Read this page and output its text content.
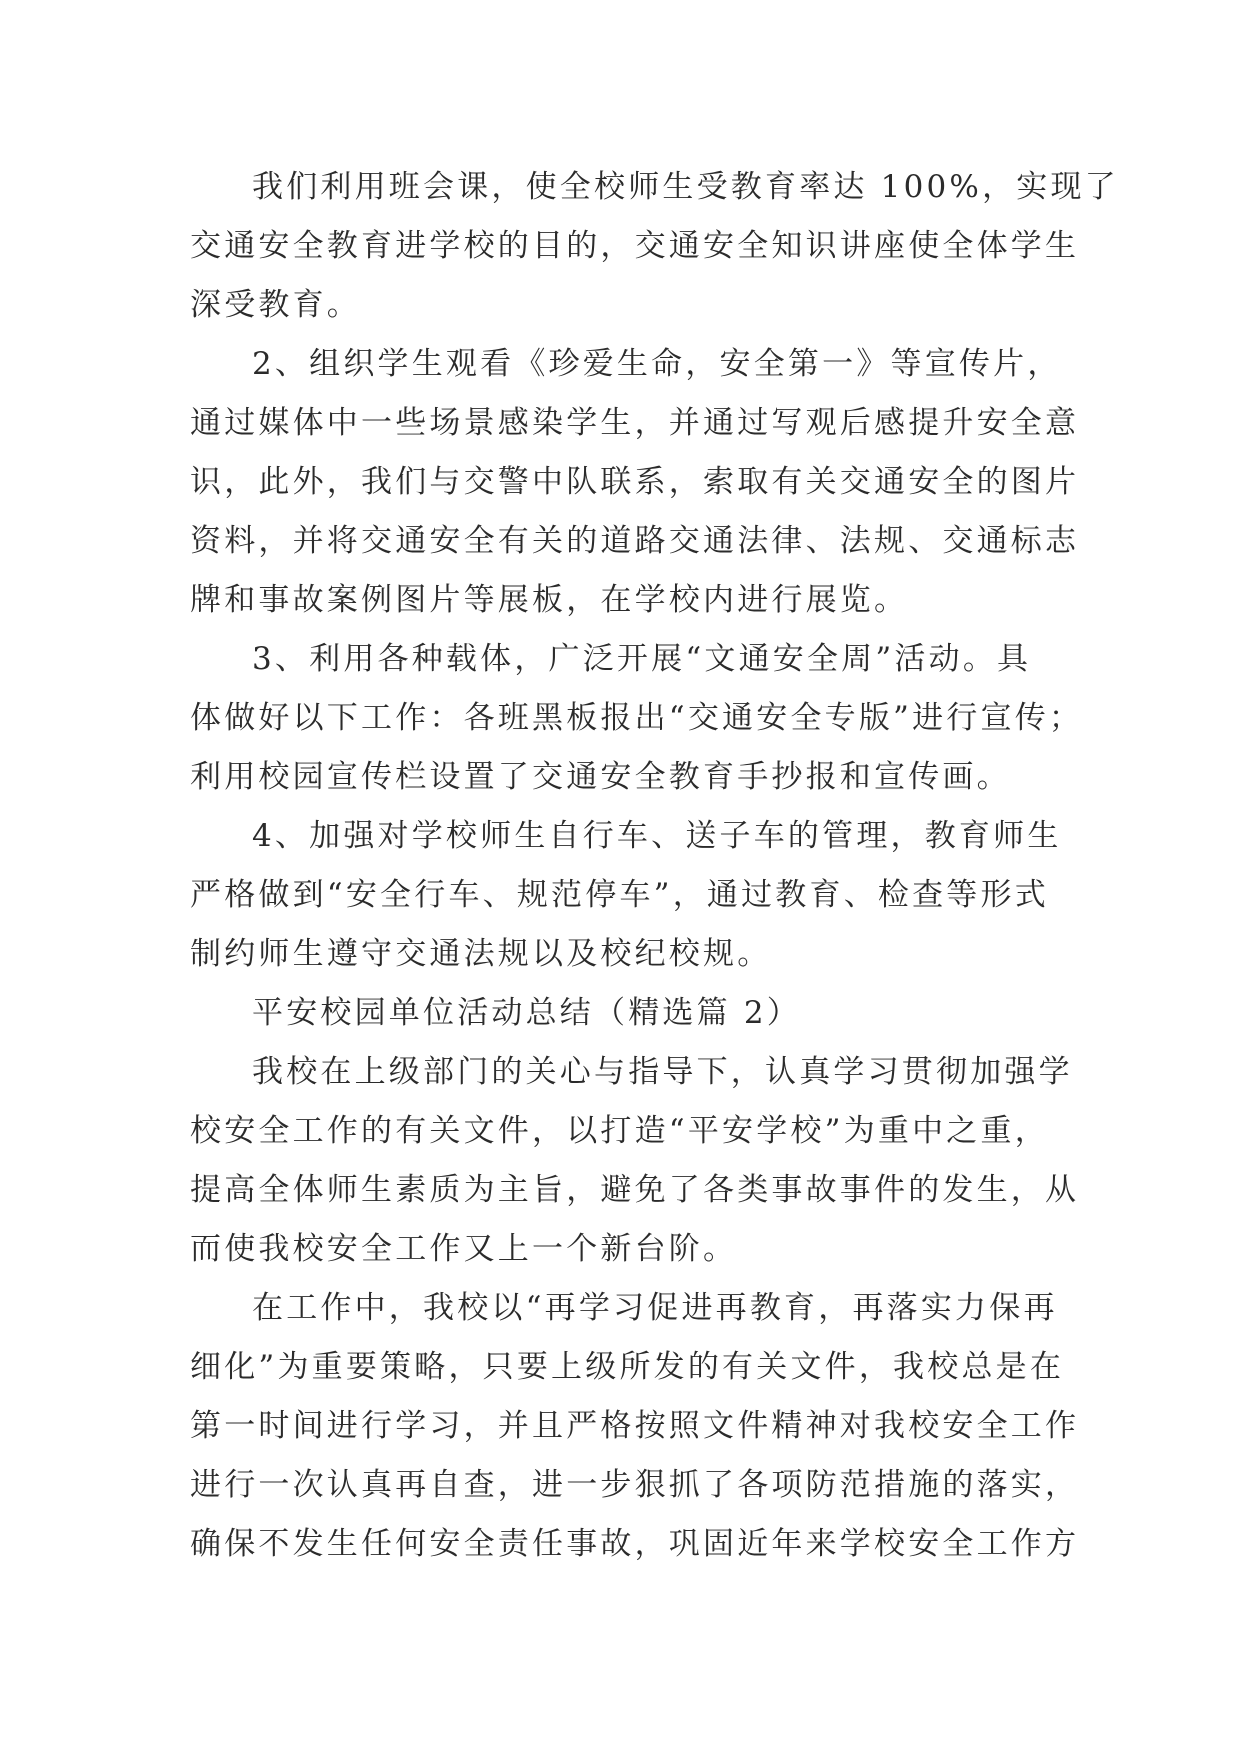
我们利用班会课，使全校师生受教育率达 100%，实现了
交通安全教育进学校的目的，交通安全知识讲座使全体学生
深受教育。
2、组织学生观看《珍爱生命，安全第一》等宣传片，
通过媒体中一些场景感染学生，并通过写观后感提升安全意
识，此外，我们与交警中队联系，索取有关交通安全的图片
资料，并将交通安全有关的道路交通法律、法规、交通标志
牌和事故案例图片等展板，在学校内进行展览。
3、利用各种载体，广泛开展“文通安全周”活动。具
体做好以下工作：各班黑板报出“交通安全专版”进行宣传；
利用校园宣传栏设置了交通安全教育手抄报和宣传画。
4、加强对学校师生自行车、送子车的管理，教育师生
严格做到“安全行车、规范停车”，通过教育、检查等形式
制约师生遵守交通法规以及校纪校规。
平安校园单位活动总结（精选篇 2）
我校在上级部门的关心与指导下，认真学习贯彻加强学
校安全工作的有关文件，以打造“平安学校”为重中之重，
提高全体师生素质为主旨，避免了各类事故事件的发生，从
而使我校安全工作又上一个新台阶。
在工作中，我校以“再学习促进再教育，再落实力保再
细化”为重要策略，只要上级所发的有关文件，我校总是在
第一时间进行学习，并且严格按照文件精神对我校安全工作
进行一次认真再自查，进一步狠抓了各项防范措施的落实，
确保不发生任何安全责任事故，巩固近年来学校安全工作方
